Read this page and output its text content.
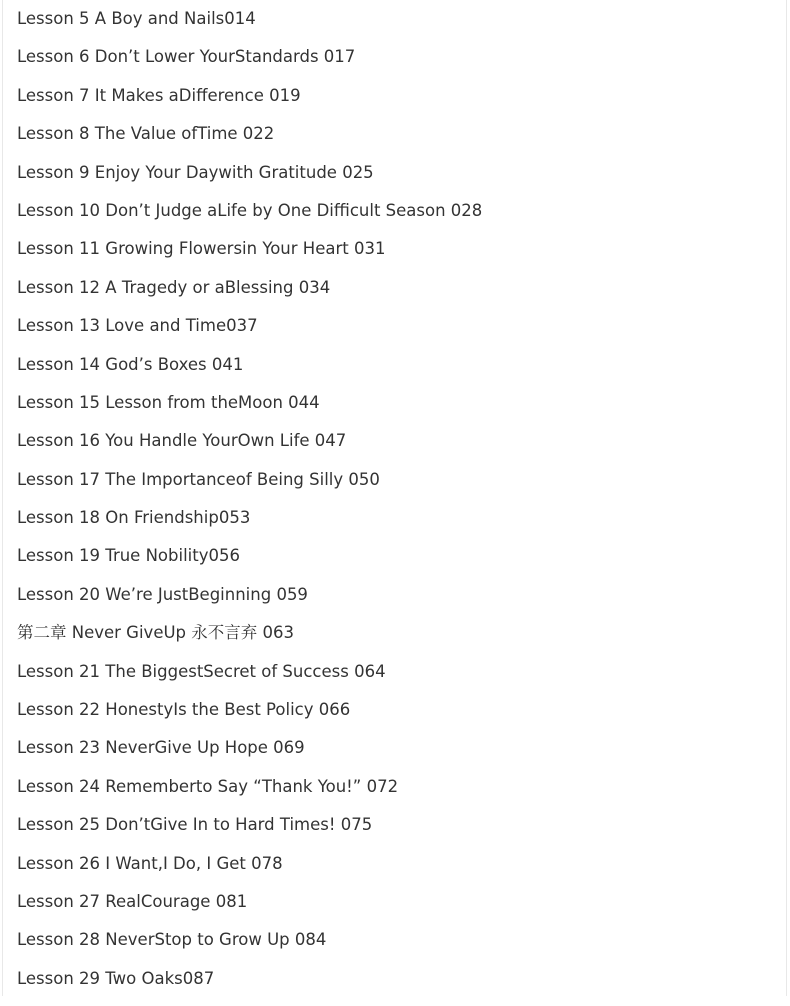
Lesson 5 A Boy and Nails014
Lesson 6 Don’t Lower YourStandards 017
Lesson 7 It Makes aDifference 019
Lesson 8 The Value ofTime 022
Lesson 9 Enjoy Your Daywith Gratitude 025
Lesson 10 Don’t Judge aLife by One Difficult Season 028
Lesson 11 Growing Flowersin Your Heart 031
Lesson 12 A Tragedy or aBlessing 034
Lesson 13 Love and Time037
Lesson 14 God’s Boxes 041
Lesson 15 Lesson from theMoon 044
Lesson 16 You Handle YourOwn Life 047
Lesson 17 The Importanceof Being Silly 050
Lesson 18 On Friendship053
Lesson 19 True Nobility056
Lesson 20 We’re JustBeginning 059
第二章 Never GiveUp 永不言弃 063
Lesson 21 The BiggestSecret of Success 064
Lesson 22 HonestyIs the Best Policy 066
Lesson 23 NeverGive Up Hope 069
Lesson 24 Rememberto Say “Thank You!” 072
Lesson 25 Don’tGive In to Hard Times! 075
Lesson 26 I Want,I Do, I Get 078
Lesson 27 RealCourage 081
Lesson 28 NeverStop to Grow Up 084
Lesson 29 Two Oaks087
